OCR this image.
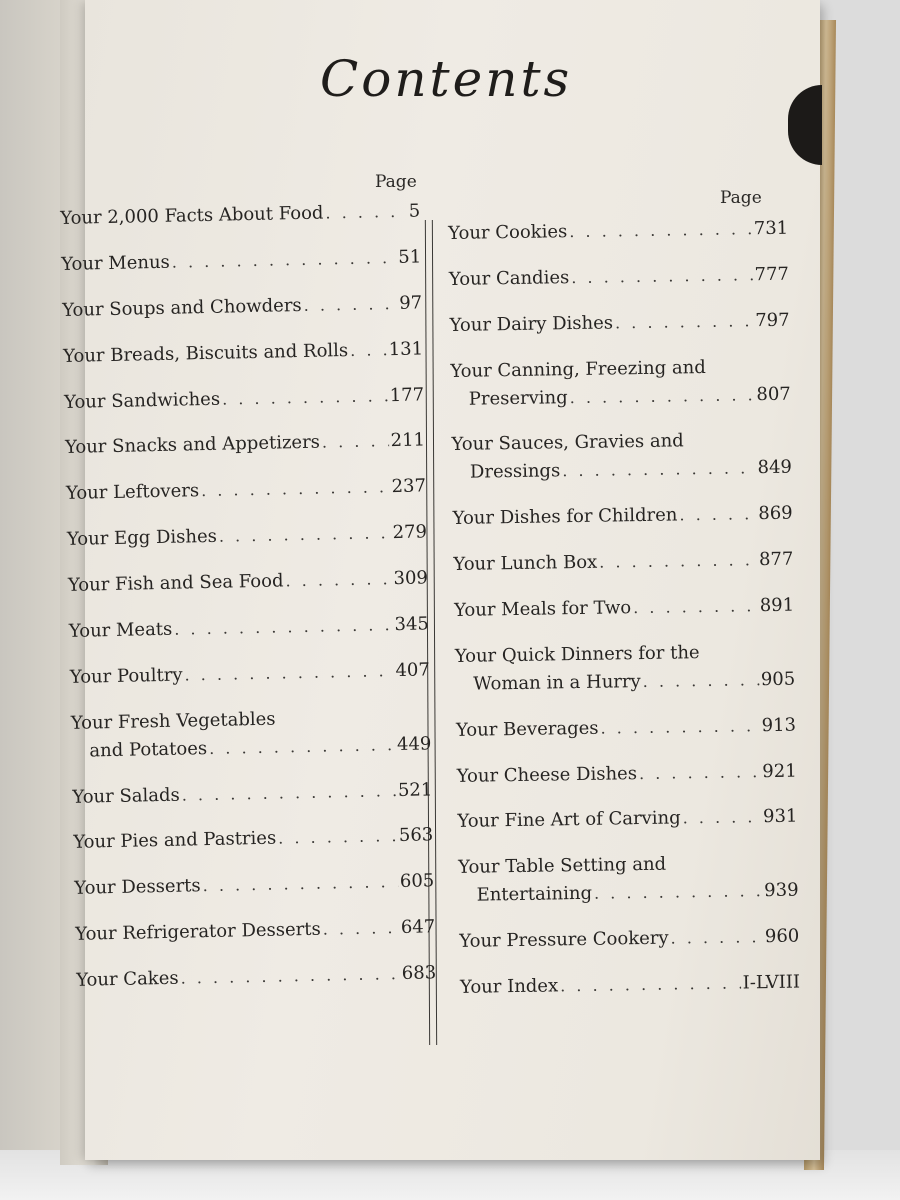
Contents
Page
Page
Your 2,000 Facts About Food . . .	5
Your Menus . . .	51
Your Soups and Chowders . . .	97
Your Breads, Biscuits and Rolls . . . 131
Your Sandwiches . . .	177
Your Snacks and Appetizers . . .	211
Your Leftovers . . .	237
Your Egg Dishes . . .	279
Your Fish and Sea Food . . .	309
Your Meats . . .	345
Your Poultry . . .	407
Your Fresh Vegetables
and Potatoes . . .	449
Your Salads . . .	521
Your Pies and Pastries . . .	563
Your Desserts . . .	605
Your Refrigerator Desserts . . .	647
Your Cakes . . .	683
Your Cookies . . .	731
Your Candies . . .	777
Your Dairy Dishes . . .	797
Your Canning, Freezing and
Preserving . . .	807
Your Sauces, Gravies and
Dressings . . .	849
Your Dishes for Children . . .	869
Your Lunch Box . . .	877
Your Meals for Two . . .	891
Your Quick Dinners for the
Woman in a Hurry . . .	905
Your Beverages . . .	913
Your Cheese Dishes . . .	921
Your Fine Art of Carving . . .	931
Your Table Setting and
Entertaining . . .	939
Your Pressure Cookery . . .	960
Your Index . . .	I-LVIII
